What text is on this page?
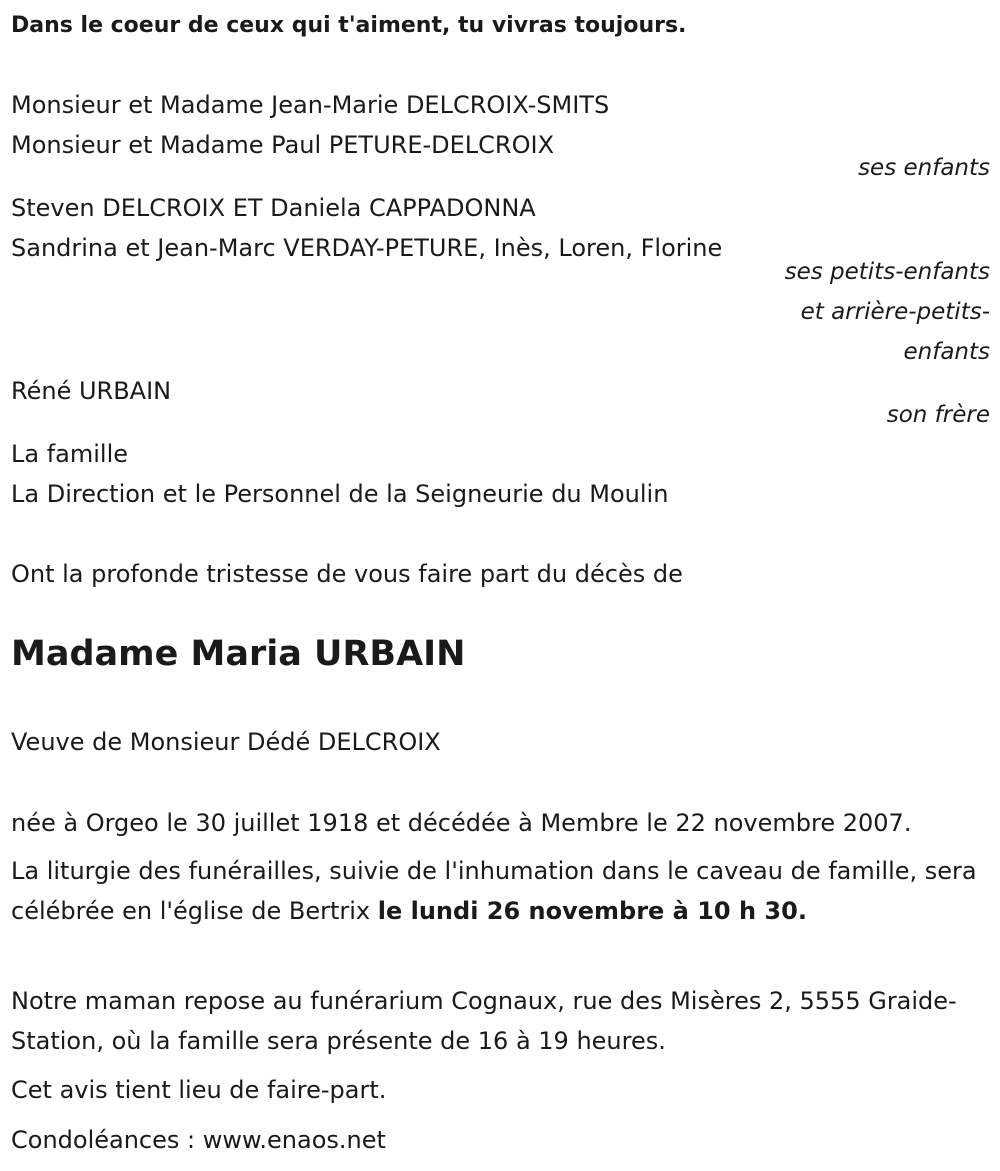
Dans le coeur de ceux qui t'aiment, tu vivras toujours.

Monsieur et Madame Jean-Marie DELCROIX-SMITS

Monsieur et Madame Paul PETURE-DELCROIX

ses enfants

Steven DELCROIX ET Daniela CAPPADONNA

Sandrina et Jean-Marc VERDAY-PETURE, Inès, Loren, Florine

ses petits-enfants

et arrière-petits-

enfants

Réné URBAIN

son frère

La famille

La Direction et le Personnel de la Seigneurie du Moulin

Ont la profonde tristesse de vous faire part du décès de

Madame Maria URBAIN

Veuve de Monsieur Dédé DELCROIX

née à Orgeo le 30 juillet 1918 et décédée à Membre le 22 novembre 2007.

La liturgie des funérailles, suivie de l'inhumation dans le caveau de famille, sera célébrée en l'église de Bertrix le lundi 26 novembre à 10 h 30.

Notre maman repose au funérarium Cognaux, rue des Misères 2, 5555 Graide-Station, où la famille sera présente de 16 à 19 heures.

Cet avis tient lieu de faire-part.

Condoléances : www.enaos.net
